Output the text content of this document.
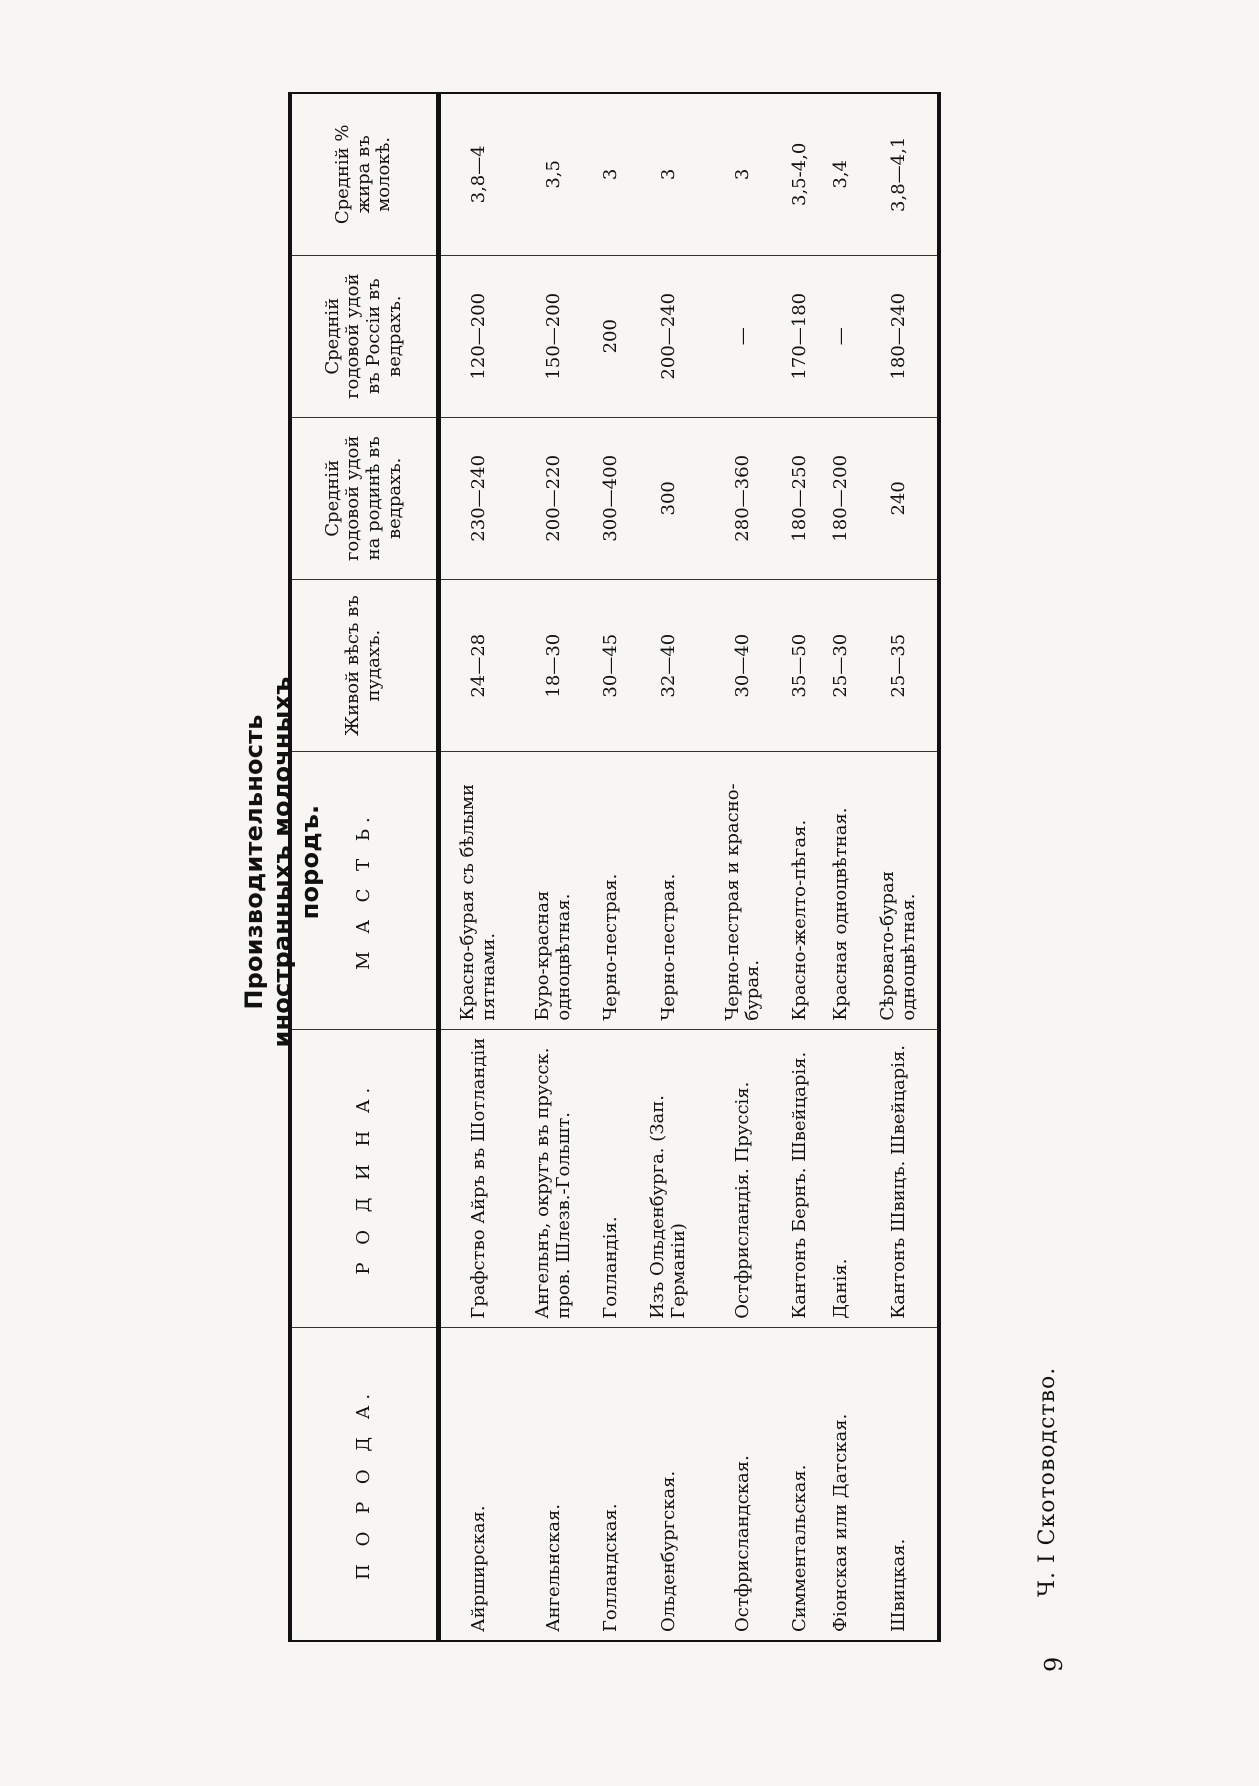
Производительность иностранныхъ молочныхъ породъ.
П О Р О Д А.	Р О Д И Н А.	М А С Т Ь.	Живой вѣсъ въ пудахъ.	Среднiй годовой удой на родинѣ въ ведрахъ.	Среднiй годовой удой въ Россiи въ ведрахъ.	Среднiй % жира въ молокѣ.
Айрширская.	Графство Айръ въ Шотландiи	Красно-бурая съ бѣлыми пятнами.	24—28	230—240	120—200	3,8—4
Ангельнская.	Ангельнъ, округъ въ прусск. пров. Шлезв.-Гольшт.	Буро-красная одноцвѣтная.	18—30	200—220	150—200	3,5
Голландская.	Голландiя.	Черно-пестрая.	30—45	300—400	200	3
Ольденбургская.	Изъ Ольденбурга. (Зап. Германiи)	Черно-пестрая.	32—40	300	200—240	3
Остфрисландская.	Остфрисландiя. Пруссiя.	Черно-пестрая и красно-бурая.	30—40	280—360	—	3
Симментальская.	Кантонъ Бернъ. Швейцарiя.	Красно-желто-пѣгая.	35—50	180—250	170—180	3,5-4,0
Фiонская или Датская.	Данiя.	Красная одноцвѣтная.	25—30	180—200	—	3,4
Швицкая.	Кантонъ Швицъ. Швейцарiя.	Сѣровато-бурая одноцвѣтная.	25—35	240	180—240	3,8—4,1
Ч. I Скотоводство.
9
